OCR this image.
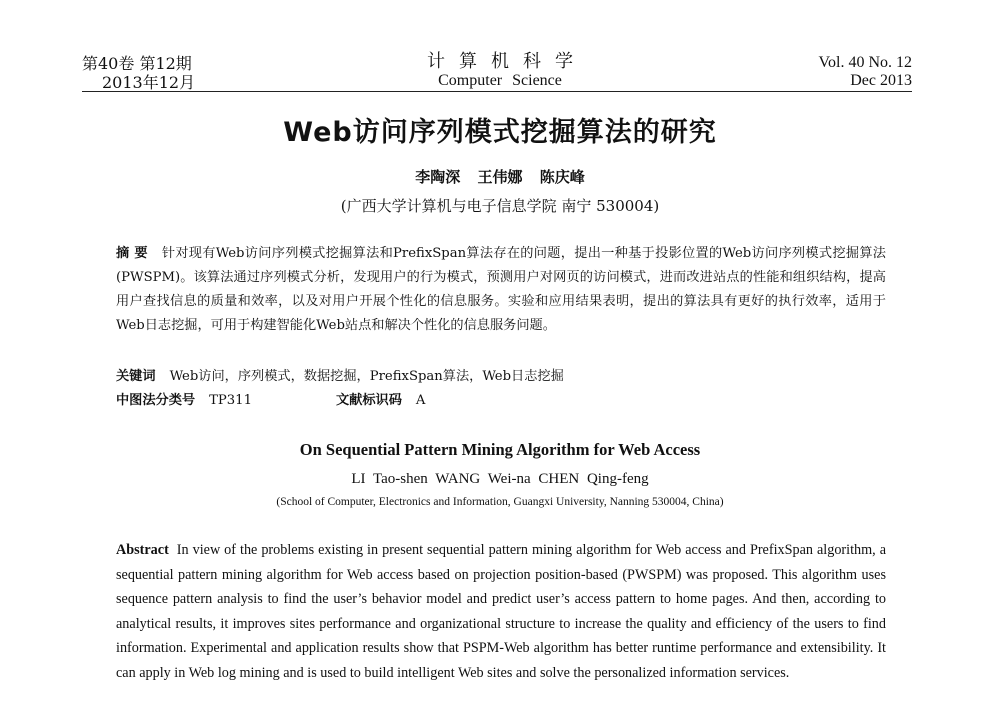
第40卷 第12期
2013年12月
计算机科学
Computer Science
Vol. 40 No. 12
Dec 2013
Web访问序列模式挖掘算法的研究
李陶深 王伟娜 陈庆峰
(广西大学计算机与电子信息学院 南宁 530004)
摘 要 针对现有Web访问序列模式挖掘算法和PrefixSpan算法存在的问题，提出一种基于投影位置的Web访问序列模式挖掘算法(PWSPM)。该算法通过序列模式分析，发现用户的行为模式，预测用户对网页的访问模式，进而改进站点的性能和组织结构，提高用户查找信息的质量和效率，以及对用户开展个性化的信息服务。实验和应用结果表明，提出的算法具有更好的执行效率，适用于Web日志挖掘，可用于构建智能化Web站点和解决个性化的信息服务问题。
关键词 Web访问，序列模式，数据挖掘，PrefixSpan算法，Web日志挖掘
中图法分类号 TP311	文献标识码 A
On Sequential Pattern Mining Algorithm for Web Access
LI Tao-shen WANG Wei-na CHEN Qing-feng
(School of Computer, Electronics and Information, Guangxi University, Nanning 530004, China)
Abstract In view of the problems existing in present sequential pattern mining algorithm for Web access and PrefixSpan algorithm, a sequential pattern mining algorithm for Web access based on projection position-based (PWSPM) was proposed. This algorithm uses sequence pattern analysis to find the user’s behavior model and predict user’s access pattern to home pages. And then, according to analytical results, it improves sites performance and organizational structure to increase the quality and efficiency of the users to find information. Experimental and application results show that PSPM-Web algorithm has better runtime performance and extensibility. It can apply in Web log mining and is used to build intelligent Web sites and solve the personalized information services.
